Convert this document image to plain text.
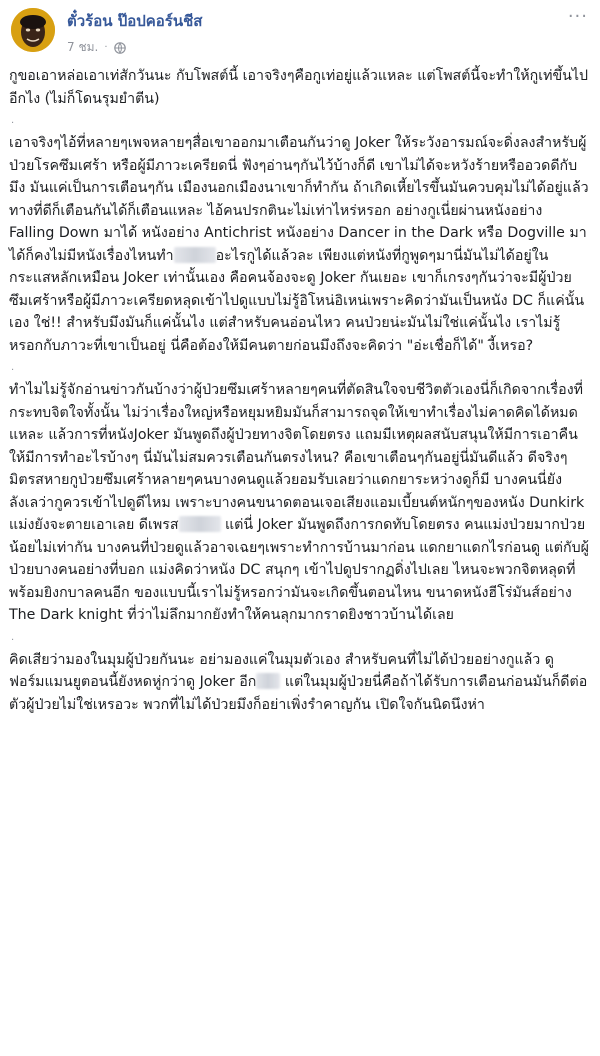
ตั๋วร้อน ป๊อปคอร์นชีส
7 ชม. ·
···

กูขอเอาหล่อเอาเท่สักวันนะ กับโพสต์นี้ เอาจริงๆคือกูเท่อยู่แล้วแหละ แต่โพสต์นี้จะทำให้กูเท่ขึ้นไปอีกไง (ไม่ก็โดนรุมยำตีน)

.

เอาจริงๆไอ้ที่หลายๆเพจหลายๆสื่อเขาออกมาเตือนกันว่าดู Joker ให้ระวังอารมณ์จะดิ่งลงสำหรับผู้ป่วยโรคซึมเศร้า หรือผู้มีภาวะเครียดนี่ ฟังๆอ่านๆกันไว้บ้างก็ดี เขาไม่ได้จะหวังร้ายหรืออวดดีกับมึง มันแค่เป็นการเตือนๆกัน เมืองนอกเมืองนาเขาก็ทำกัน ถ้าเกิดเหี้ยไรขึ้นมันควบคุมไม่ได้อยู่แล้ว ทางที่ดีก็เตือนกันได้ก็เตือนแหละ ไอ้คนปรกตินะไม่เท่าไหร่หรอก อย่างกูเนี่ยผ่านหนังอย่าง Falling Down มาได้ หนังอย่าง Antichrist หนังอย่าง Dancer in the Dark หรือ Dogville มาได้ก็คงไม่มีหนังเรื่องไหนทำ	อะไรกูได้แล้วละ เพียงแต่หนังที่กูพูดๆมานี่มันไม่ได้อยู่ในกระแสหลักเหมือน Joker เท่านั้นเอง คือคนจ้องจะดู Joker กันเยอะ เขาก็เกรงๆกันว่าจะมีผู้ป่วยซึมเศร้าหรือผู้มีภาวะเครียดหลุดเข้าไปดูแบบไม่รู้อิโหน่อิเหน่เพราะคิดว่ามันเป็นหนัง DC ก็แค่นั้นเอง ใช่!! สำหรับมึงมันก็แค่นั้นไง แต่สำหรับคนอ่อนไหว คนป่วยน่ะมันไม่ใช่แค่นั้นไง เราไม่รู้หรอกกับภาวะที่เขาเป็นอยู่ นี่คือต้องให้มีคนตายก่อนมึงถึงจะคิดว่า "อ่ะเชื่อก็ได้" งี้เหรอ?

.

ทำไมไม่รู้จักอ่านข่าวกันบ้างว่าผู้ป่วยซึมเศร้าหลายๆคนที่ตัดสินใจจบชีวิตตัวเองนี่ก็เกิดจากเรื่องที่กระทบจิตใจทั้งนั้น ไม่ว่าเรื่องใหญ่หรือหยุมหยิมมันก็สามารถจุดให้เขาทำเรื่องไม่คาดคิดได้หมดแหละ แล้วการที่หนังJoker มันพูดถึงผู้ป่วยทางจิตโดยตรง แถมมีเหตุผลสนับสนุนให้มีการเอาคืน ให้มีการทำอะไรบ้างๆ นี่มันไม่สมควรเตือนกันตรงไหน? คือเขาเตือนๆกันอยู่นี่มันดีแล้ว ดีจริงๆ มิตรสหายกูป่วยซึมเศร้าหลายๆคนบางคนดูแล้วยอมรับเลยว่าแดกยาระหว่างดูก็มี บางคนนี่ยังลังเลว่ากูควรเข้าไปดูดีไหม เพราะบางคนขนาดตอนเจอเสียงแอมเบี้ยนต์หนักๆของหนัง Dunkirk แม่งยังจะตายเอาเลย ดีเพรส	แต่นี่ Joker มันพูดถึงการกดทับโดยตรง คนแม่งป่วยมากป่วยน้อยไม่เท่ากัน บางคนที่ป่วยดูแล้วอาจเฉยๆเพราะทำการบ้านมาก่อน แดกยาแดกไรก่อนดู แต่กับผู้ป่วยบางคนอย่างที่บอก แม่งคิดว่าหนัง DC สนุกๆ เข้าไปดูปรากฏดิ่งไปเลย ไหนจะพวกจิตหลุดที่พร้อมยิงกบาลคนอีก ของแบบนี้เราไม่รู้หรอกว่ามันจะเกิดขึ้นตอนไหน ขนาดหนังฮีโร่มันส์อย่าง The Dark knight ที่ว่าไม่ลึกมากยังทำให้คนลุกมากราดยิงชาวบ้านได้เลย

.

คิดเสียว่ามองในมุมผู้ป่วยกันนะ อย่ามองแค่ในมุมตัวเอง สำหรับคนที่ไม่ได้ป่วยอย่างกูแล้ว ดูฟอร์มแมนยูตอนนี้ยังหดหู่กว่าดู Joker อีก แต่ในมุมผู้ป่วยนี่คือถ้าได้รับการเตือนก่อนมันก็ดีต่อตัวผู้ป่วยไม่ใช่เหรอวะ พวกที่ไม่ได้ป่วยมึงก็อย่าเพิ่งรำคาญกัน เปิดใจกันนิดนึงห่า
